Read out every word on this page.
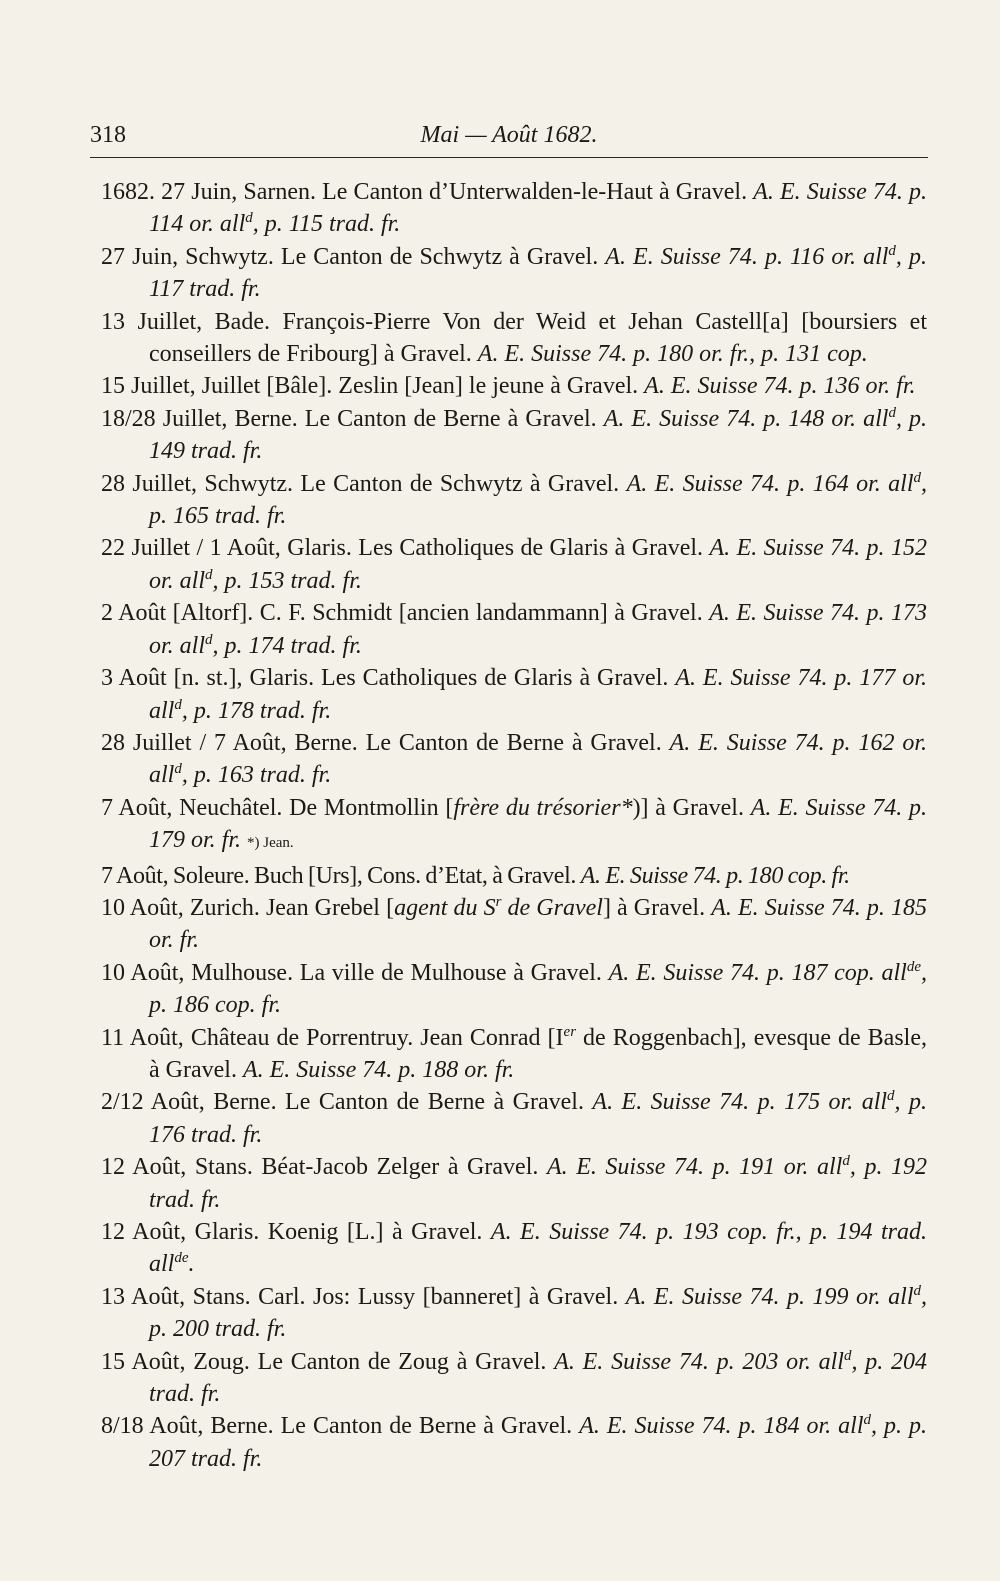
318	Mai — Août 1682.
1682. 27 Juin, Sarnen. Le Canton d’Unterwalden-le-Haut à Gravel. A. E. Suisse 74. p. 114 or. all$^d$, p. 115 trad. fr.
27 Juin, Schwytz. Le Canton de Schwytz à Gravel. A. E. Suisse 74. p. 116 or. all$^d$, p. 117 trad. fr.
13 Juillet, Bade. François-Pierre Von der Weid et Jehan Castell[a] [boursiers et conseillers de Fribourg] à Gravel. A. E. Suisse 74. p. 180 or. fr., p. 131 cop.
15 Juillet, Juillet [Bâle]. Zeslin [Jean] le jeune à Gravel. A. E. Suisse 74. p. 136 or. fr.
18/28 Juillet, Berne. Le Canton de Berne à Gravel. A. E. Suisse 74. p. 148 or. all$^d$, p. 149 trad. fr.
28 Juillet, Schwytz. Le Canton de Schwytz à Gravel. A. E. Suisse 74. p. 164 or. all$^d$, p. 165 trad. fr.
22 Juillet / 1 Août, Glaris. Les Catholiques de Glaris à Gravel. A. E. Suisse 74. p. 152 or. all$^d$, p. 153 trad. fr.
2 Août [Altorf]. C. F. Schmidt [ancien landammann] à Gravel. A. E. Suisse 74. p. 173 or. all$^d$, p. 174 trad. fr.
3 Août [n. st.], Glaris. Les Catholiques de Glaris à Gravel. A. E. Suisse 74. p. 177 or. all$^d$, p. 178 trad. fr.
28 Juillet / 7 Août, Berne. Le Canton de Berne à Gravel. A. E. Suisse 74. p. 162 or. all$^d$, p. 163 trad. fr.
7 Août, Neuchâtel. De Montmollin [frère du trésorier*)] à Gravel. A. E. Suisse 74. p. 179 or. fr. *) Jean.
7 Août, Soleure. Buch [Urs], Cons. d’Etat, à Gravel. A. E. Suisse 74. p. 180 cop. fr.
10 Août, Zurich. Jean Grebel [agent du $S^r$ de Gravel] à Gravel. A. E. Suisse 74. p. 185 or. fr.
10 Août, Mulhouse. La ville de Mulhouse à Gravel. A. E. Suisse 74. p. 187 cop. all$^{de}$, p. 186 cop. fr.
11 Août, Château de Porrentruy. Jean Conrad [Ier de Roggenbach], evesque de Basle, à Gravel. A. E. Suisse 74. p. 188 or. fr.
2/12 Août, Berne. Le Canton de Berne à Gravel. A. E. Suisse 74. p. 175 or. all$^d$, p. 176 trad. fr.
12 Août, Stans. Béat-Jacob Zelger à Gravel. A. E. Suisse 74. p. 191 or. all$^d$, p. 192 trad. fr.
12 Août, Glaris. Koenig [L.] à Gravel. A. E. Suisse 74. p. 193 cop. fr., p. 194 trad. all$^{de}$.
13 Août, Stans. Carl. Jos: Lussy [banneret] à Gravel. A. E. Suisse 74. p. 199 or. all$^d$, p. 200 trad. fr.
15 Août, Zoug. Le Canton de Zoug à Gravel. A. E. Suisse 74. p. 203 or. all$^d$, p. 204 trad. fr.
8/18 Août, Berne. Le Canton de Berne à Gravel. A. E. Suisse 74. p. 184 or. all$^d$, p. p. 207 trad. fr.
